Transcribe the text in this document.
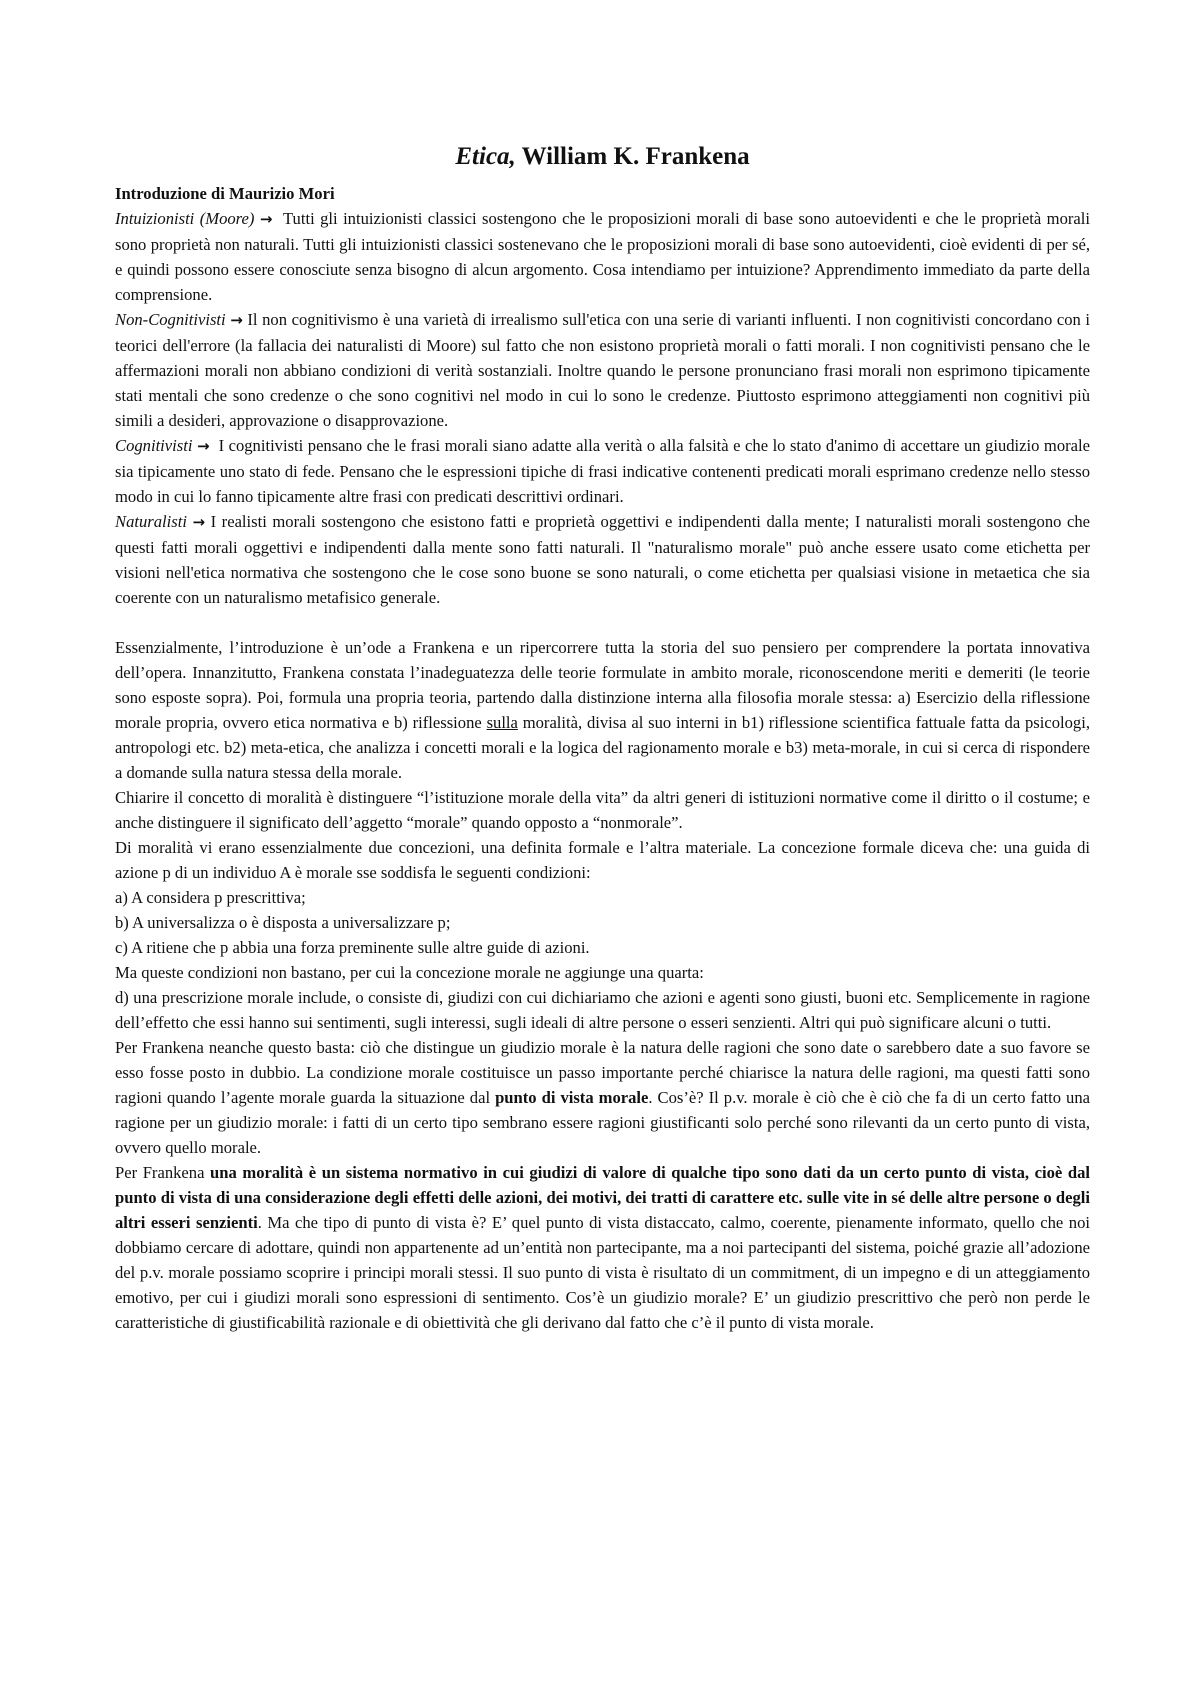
Etica, William K. Frankena

Introduzione di Maurizio Mori

Intuizionisti (Moore) → Tutti gli intuizionisti classici sostengono che le proposizioni morali di base sono autoevidenti e che le proprietà morali sono proprietà non naturali. Tutti gli intuizionisti classici sostenevano che le proposizioni morali di base sono autoevidenti, cioè evidenti di per sé, e quindi possono essere conosciute senza bisogno di alcun argomento. Cosa intendiamo per intuizione? Apprendimento immediato da parte della comprensione.

Non-Cognitivisti → Il non cognitivismo è una varietà di irrealismo sull'etica con una serie di varianti influenti. I non cognitivisti concordano con i teorici dell'errore (la fallacia dei naturalisti di Moore) sul fatto che non esistono proprietà morali o fatti morali. I non cognitivisti pensano che le affermazioni morali non abbiano condizioni di verità sostanziali. Inoltre quando le persone pronunciano frasi morali non esprimono tipicamente stati mentali che sono credenze o che sono cognitivi nel modo in cui lo sono le credenze. Piuttosto esprimono atteggiamenti non cognitivi più simili a desideri, approvazione o disapprovazione.

Cognitivisti → I cognitivisti pensano che le frasi morali siano adatte alla verità o alla falsità e che lo stato d'animo di accettare un giudizio morale sia tipicamente uno stato di fede. Pensano che le espressioni tipiche di frasi indicative contenenti predicati morali esprimano credenze nello stesso modo in cui lo fanno tipicamente altre frasi con predicati descrittivi ordinari.

Naturalisti → I realisti morali sostengono che esistono fatti e proprietà oggettivi e indipendenti dalla mente; I naturalisti morali sostengono che questi fatti morali oggettivi e indipendenti dalla mente sono fatti naturali. Il "naturalismo morale" può anche essere usato come etichetta per visioni nell'etica normativa che sostengono che le cose sono buone se sono naturali, o come etichetta per qualsiasi visione in metaetica che sia coerente con un naturalismo metafisico generale.

Essenzialmente, l’introduzione è un’ode a Frankena e un ripercorrere tutta la storia del suo pensiero per comprendere la portata innovativa dell’opera. Innanzitutto, Frankena constata l’inadeguatezza delle teorie formulate in ambito morale, riconoscendone meriti e demeriti (le teorie sono esposte sopra). Poi, formula una propria teoria, partendo dalla distinzione interna alla filosofia morale stessa: a) Esercizio della riflessione morale propria, ovvero etica normativa e b) riflessione sulla moralità, divisa al suo interni in b1) riflessione scientifica fattuale fatta da psicologi, antropologi etc. b2) meta-etica, che analizza i concetti morali e la logica del ragionamento morale e b3) meta-morale, in cui si cerca di rispondere a domande sulla natura stessa della morale.

Chiarire il concetto di moralità è distinguere “l’istituzione morale della vita” da altri generi di istituzioni normative come il diritto o il costume; e anche distinguere il significato dell’aggetto “morale” quando opposto a “nonmorale”.

Di moralità vi erano essenzialmente due concezioni, una definita formale e l’altra materiale. La concezione formale diceva che: una guida di azione p di un individuo A è morale sse soddisfa le seguenti condizioni:

a) A considera p prescrittiva;

b) A universalizza o è disposta a universalizzare p;

c) A ritiene che p abbia una forza preminente sulle altre guide di azioni.

Ma queste condizioni non bastano, per cui la concezione morale ne aggiunge una quarta:

d) una prescrizione morale include, o consiste di, giudizi con cui dichiariamo che azioni e agenti sono giusti, buoni etc. Semplicemente in ragione dell’effetto che essi hanno sui sentimenti, sugli interessi, sugli ideali di altre persone o esseri senzienti. Altri qui può significare alcuni o tutti.

Per Frankena neanche questo basta: ciò che distingue un giudizio morale è la natura delle ragioni che sono date o sarebbero date a suo favore se esso fosse posto in dubbio. La condizione morale costituisce un passo importante perché chiarisce la natura delle ragioni, ma questi fatti sono ragioni quando l’agente morale guarda la situazione dal punto di vista morale. Cos’è? Il p.v. morale è ciò che è ciò che fa di un certo fatto una ragione per un giudizio morale: i fatti di un certo tipo sembrano essere ragioni giustificanti solo perché sono rilevanti da un certo punto di vista, ovvero quello morale.

Per Frankena una moralità è un sistema normativo in cui giudizi di valore di qualche tipo sono dati da un certo punto di vista, cioè dal punto di vista di una considerazione degli effetti delle azioni, dei motivi, dei tratti di carattere etc. sulle vite in sé delle altre persone o degli altri esseri senzienti. Ma che tipo di punto di vista è? E’ quel punto di vista distaccato, calmo, coerente, pienamente informato, quello che noi dobbiamo cercare di adottare, quindi non appartenente ad un’entità non partecipante, ma a noi partecipanti del sistema, poiché grazie all’adozione del p.v. morale possiamo scoprire i principi morali stessi. Il suo punto di vista è risultato di un commitment, di un impegno e di un atteggiamento emotivo, per cui i giudizi morali sono espressioni di sentimento. Cos’è un giudizio morale? E’ un giudizio prescrittivo che però non perde le caratteristiche di giustificabilità razionale e di obiettività che gli derivano dal fatto che c’è il punto di vista morale.
